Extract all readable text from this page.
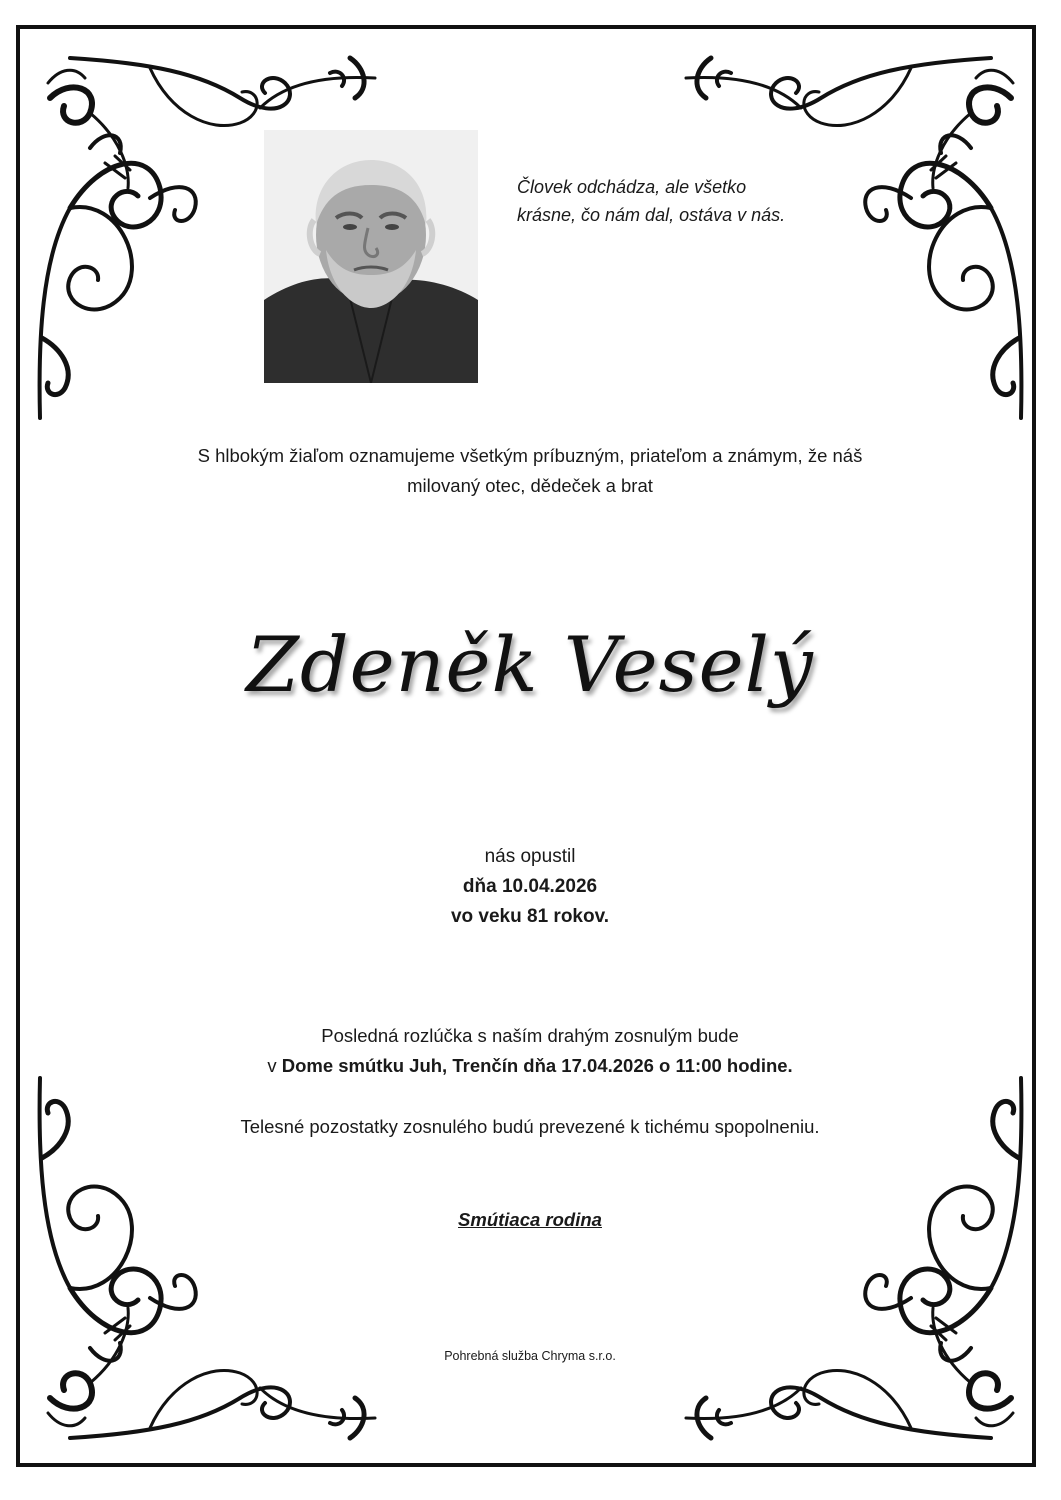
Človek odchádza, ale všetko
krásne, čo nám dal, ostáva v nás.
S hlbokým žiaľom oznamujeme všetkým príbuzným, priateľom a známym, že náš
milovaný otec, dědeček a brat
Zdeněk Veselý
nás opustil
dňa 10.04.2026
vo veku 81 rokov.
Posledná rozlúčka s naším drahým zosnulým bude
v Dome smútku Juh, Trenčín dňa 17.04.2026 o 11:00 hodine.
Telesné pozostatky zosnulého budú prevezené k tichému spopolneniu.
Smútiaca rodina
Pohrebná služba Chryma s.r.o.
